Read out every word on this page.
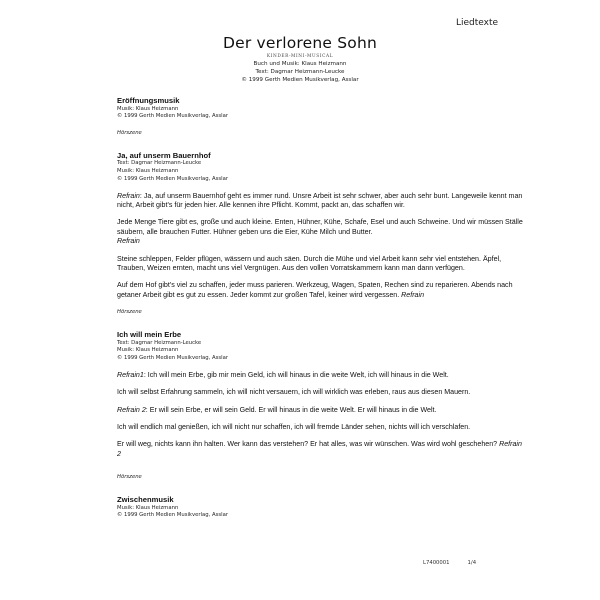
Liedtexte
Der verlorene Sohn
KINDER-MINI-MUSICAL
Buch und Musik: Klaus Heizmann
Text: Dagmar Heizmann-Leucke
© 1999 Gerth Medien Musikverlag, Asslar
Eröffnungsmusik
Musik: Klaus Heizmann
© 1999 Gerth Medien Musikverlag, Asslar
Hörszene
Ja, auf unserm Bauernhof
Text: Dagmar Heizmann-Leucke
Musik: Klaus Heizmann
© 1999 Gerth Medien Musikverlag, Asslar
Refrain: Ja, auf unserm Bauernhof geht es immer rund. Unsre Arbeit ist sehr schwer, aber auch sehr bunt. Langeweile kennt man nicht, Arbeit gibt's für jeden hier. Alle kennen ihre Pflicht. Kommt, packt an, das schaffen wir.
Jede Menge Tiere gibt es, große und auch kleine. Enten, Hühner, Kühe, Schafe, Esel und auch Schweine. Und wir müssen Ställe säubern, alle brauchen Futter. Hühner geben uns die Eier, Kühe Milch und Butter.
Refrain
Steine schleppen, Felder pflügen, wässern und auch säen. Durch die Mühe und viel Arbeit kann sehr viel entstehen. Äpfel, Trauben, Weizen ernten, macht uns viel Vergnügen. Aus den vollen Vorratskammern kann man dann verfügen.
Auf dem Hof gibt's viel zu schaffen, jeder muss parieren. Werkzeug, Wagen, Spaten, Rechen sind zu reparieren. Abends nach getaner Arbeit gibt es gut zu essen. Jeder kommt zur großen Tafel, keiner wird vergessen. Refrain
Hörszene
Ich will mein Erbe
Text: Dagmar Heizmann-Leucke
Musik: Klaus Heizmann
© 1999 Gerth Medien Musikverlag, Asslar
Refrain1: Ich will mein Erbe, gib mir mein Geld, ich will hinaus in die weite Welt, ich will hinaus in die Welt.
Ich will selbst Erfahrung sammeln, ich will nicht versauern, ich will wirklich was erleben, raus aus diesen Mauern.
Refrain 2: Er will sein Erbe, er will sein Geld. Er will hinaus in die weite Welt. Er will hinaus in die Welt.
Ich will endlich mal genießen, ich will nicht nur schaffen, ich will fremde Länder sehen, nichts will ich verschlafen.
Er will weg, nichts kann ihn halten. Wer kann das verstehen? Er hat alles, was wir wünschen. Was wird wohl geschehen? Refrain 2
Hörszene
Zwischenmusik
Musik: Klaus Heizmann
© 1999 Gerth Medien Musikverlag, Asslar
L7400001	1/4
